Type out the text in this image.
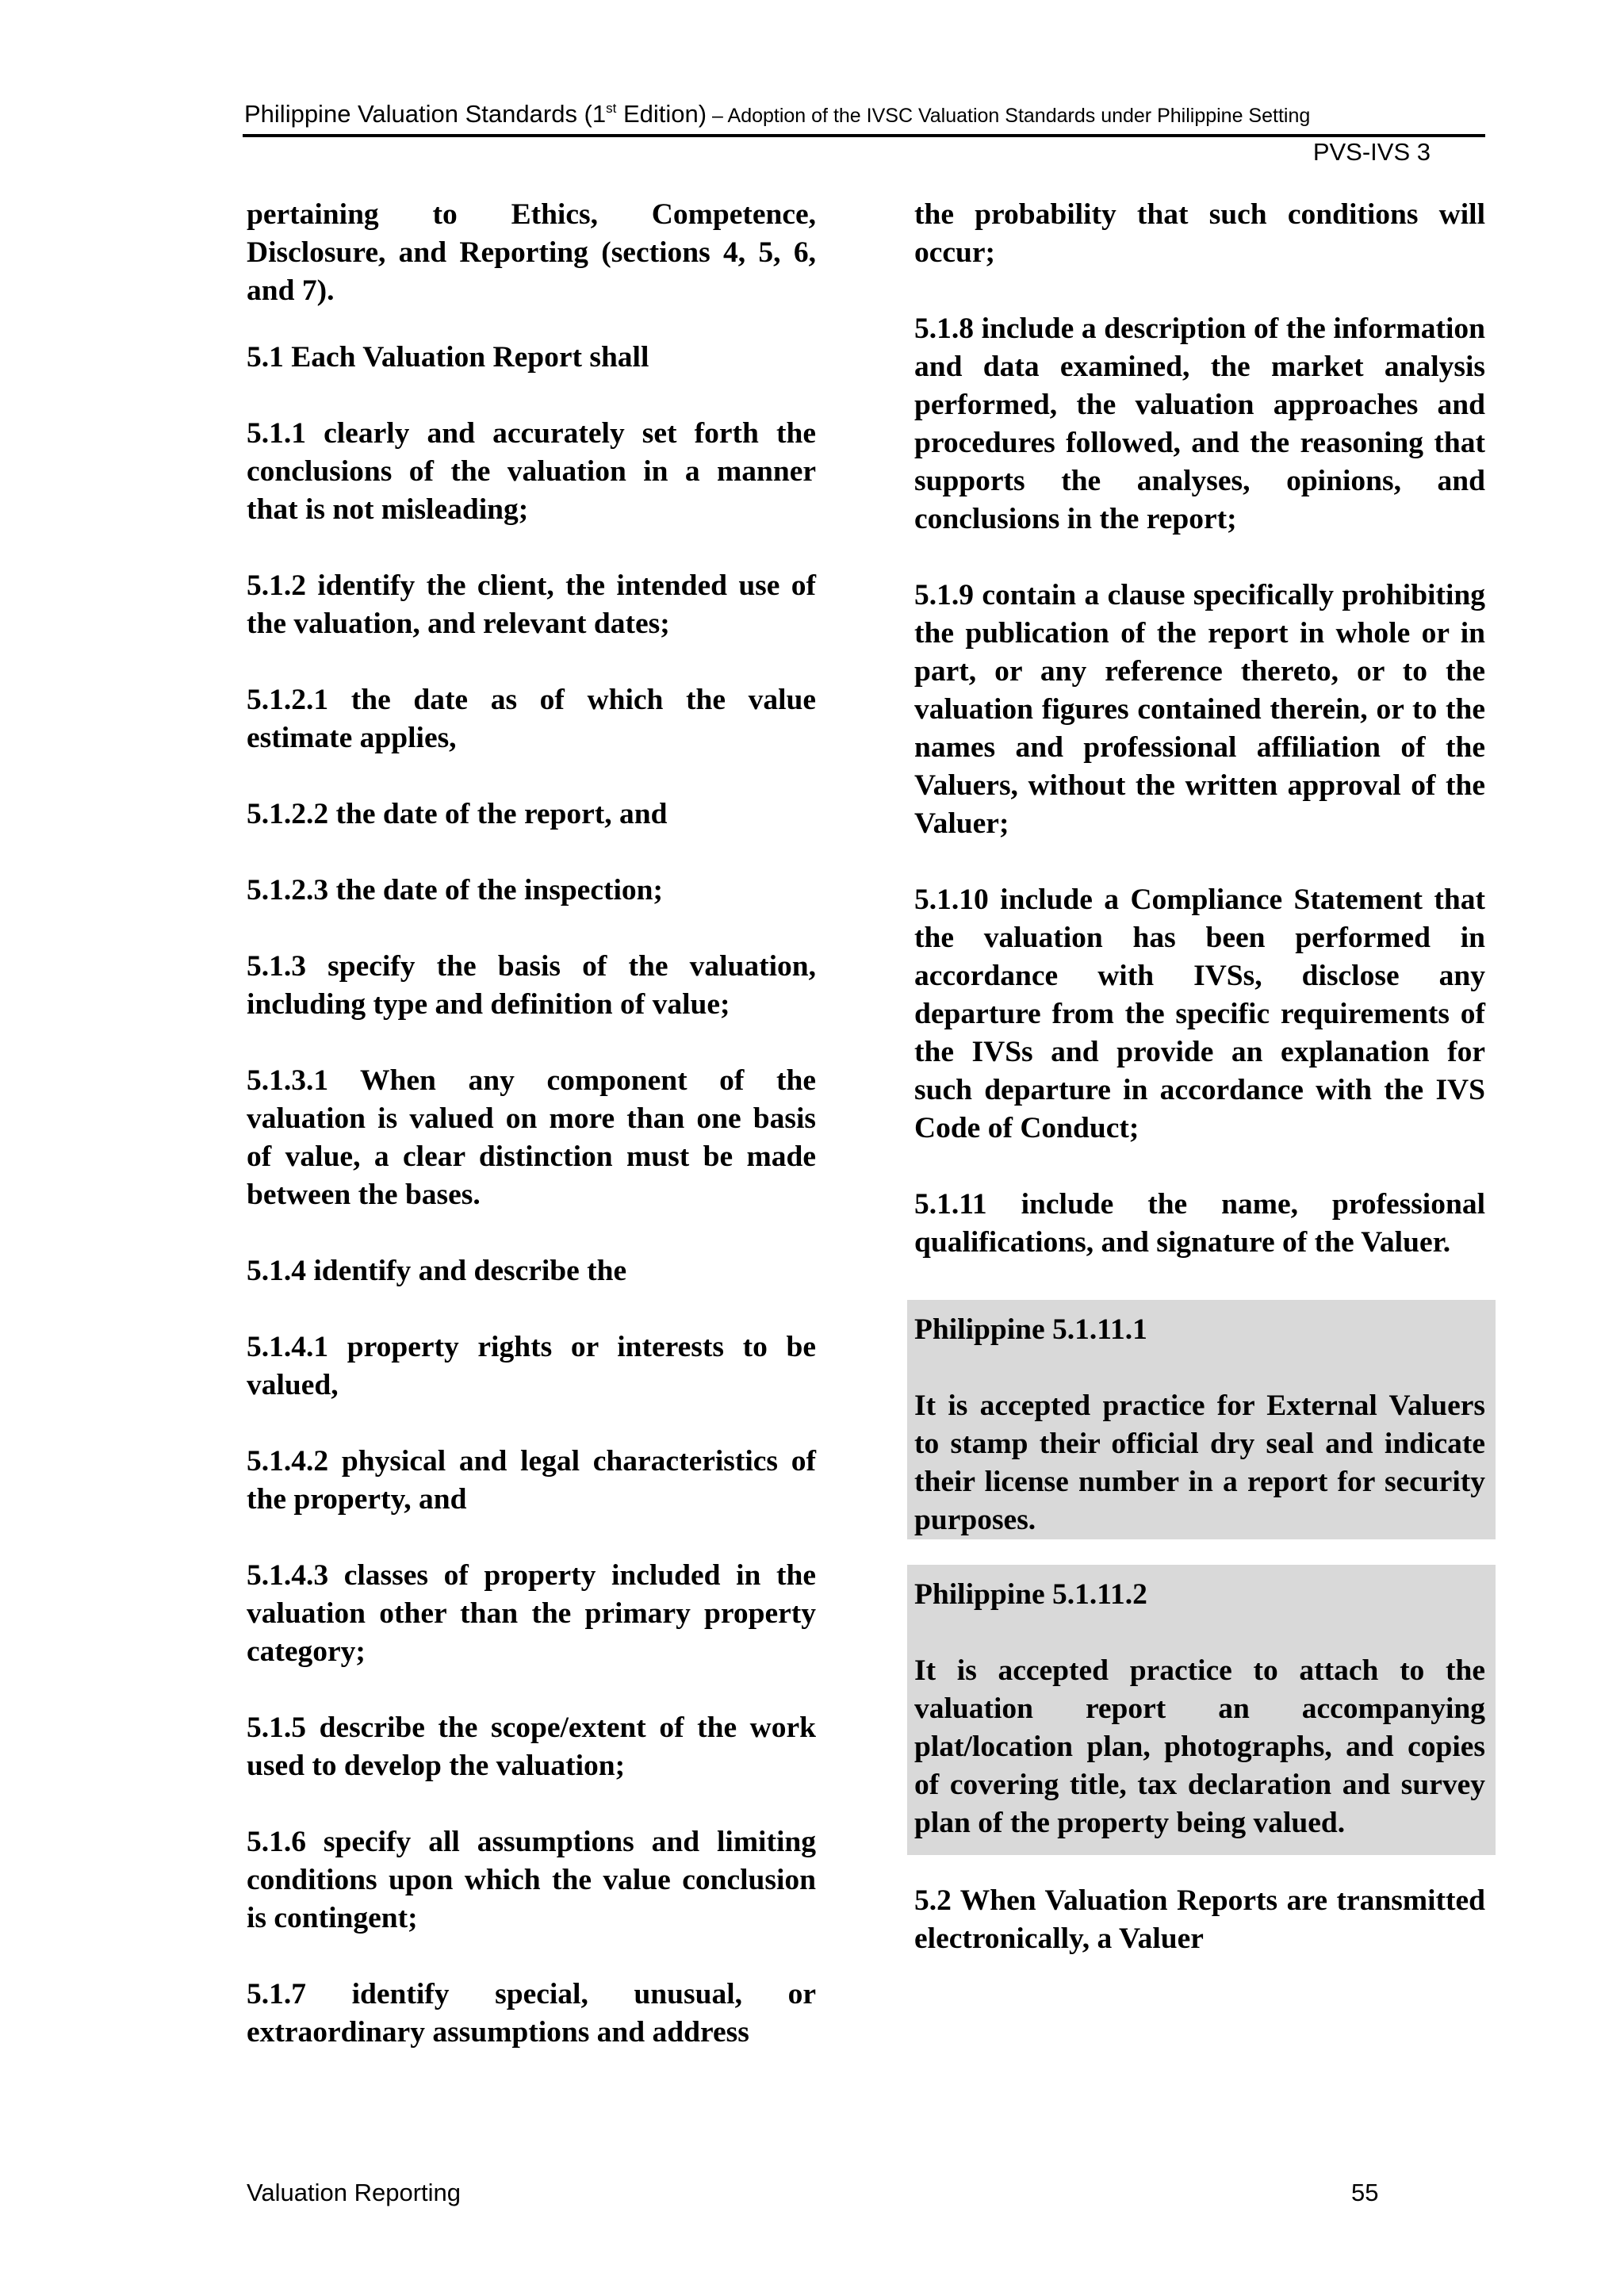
Philippine Valuation Standards (1st Edition) – Adoption of the IVSC Valuation Standards under Philippine Setting
PVS-IVS 3

pertaining to Ethics, Competence, Disclosure, and Reporting (sections 4, 5, 6, and 7).

5.1 Each Valuation Report shall

5.1.1 clearly and accurately set forth the conclusions of the valuation in a manner that is not misleading;

5.1.2 identify the client, the intended use of the valuation, and relevant dates;

5.1.2.1 the date as of which the value estimate applies,

5.1.2.2 the date of the report, and

5.1.2.3 the date of the inspection;

5.1.3 specify the basis of the valuation, including type and definition of value;

5.1.3.1 When any component of the valuation is valued on more than one basis of value, a clear distinction must be made between the bases.

5.1.4 identify and describe the

5.1.4.1 property rights or interests to be valued,

5.1.4.2 physical and legal characteristics of the property, and

5.1.4.3 classes of property included in the valuation other than the primary property category;

5.1.5 describe the scope/extent of the work used to develop the valuation;

5.1.6 specify all assumptions and limiting conditions upon which the value conclusion is contingent;

5.1.7 identify special, unusual, or extraordinary assumptions and address

the probability that such conditions will occur;

5.1.8 include a description of the information and data examined, the market analysis performed, the valuation approaches and procedures followed, and the reasoning that supports the analyses, opinions, and conclusions in the report;

5.1.9 contain a clause specifically prohibiting the publication of the report in whole or in part, or any reference thereto, or to the valuation figures contained therein, or to the names and professional affiliation of the Valuers, without the written approval of the Valuer;

5.1.10 include a Compliance Statement that the valuation has been performed in accordance with IVSs, disclose any departure from the specific requirements of the IVSs and provide an explanation for such departure in accordance with the IVS Code of Conduct;

5.1.11 include the name, professional qualifications, and signature of the Valuer.

Philippine 5.1.11.1

It is accepted practice for External Valuers to stamp their official dry seal and indicate their license number in a report for security purposes.

Philippine 5.1.11.2

It is accepted practice to attach to the valuation report an accompanying plat/location plan, photographs, and copies of covering title, tax declaration and survey plan of the property being valued.

5.2 When Valuation Reports are transmitted electronically, a Valuer

Valuation Reporting	55
